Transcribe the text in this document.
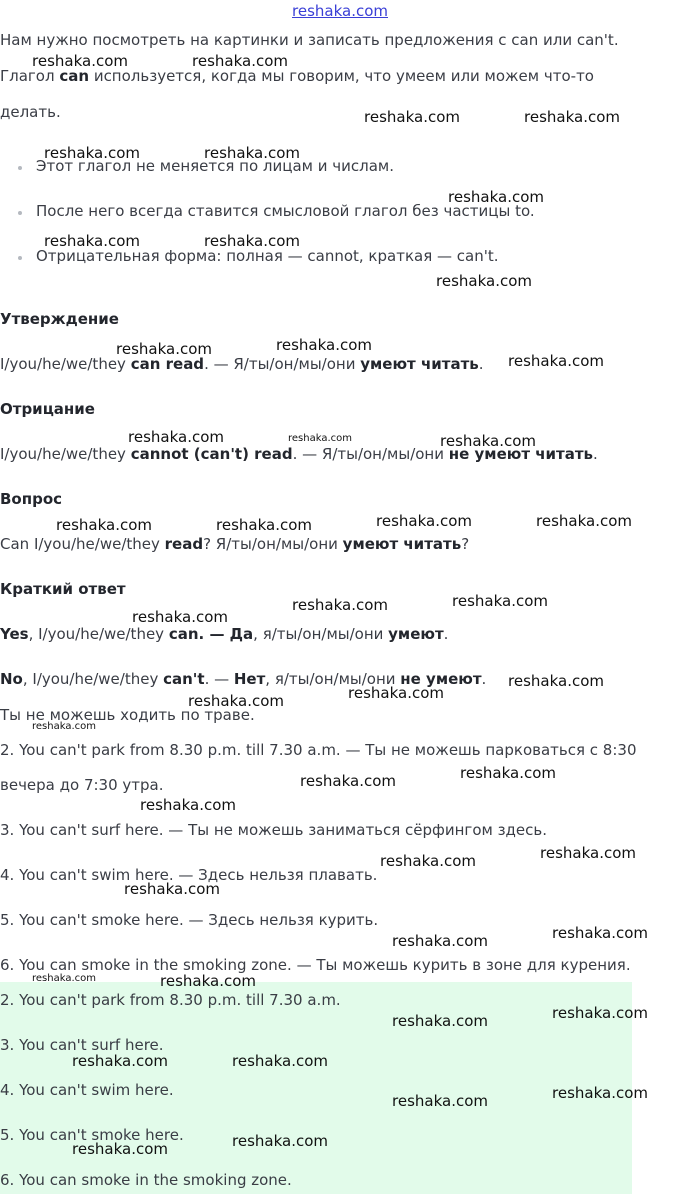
reshaka.com
Нам нужно посмотреть на картинки и записать предложения с can или can't.
Глагол can используется, когда мы говорим, что умеем или можем что-то
делать.
Этот глагол не меняется по лицам и числам.
После него всегда ставится смысловой глагол без частицы to.
Отрицательная форма: полная — cannot, краткая — can't.
Утверждение
I/you/he/we/they can read. — Я/ты/он/мы/они умеют читать.
Отрицание
I/you/he/we/they cannot (can't) read. — Я/ты/он/мы/они не умеют читать.
Вопрос
Can I/you/he/we/they read? Я/ты/он/мы/они умеют читать?
Краткий ответ
Yes, I/you/he/we/they can. — Да, я/ты/он/мы/они умеют.
No, I/you/he/we/they can't. — Нет, я/ты/он/мы/они не умеют.
Ты не можешь ходить по траве.
2. You can't park from 8.30 p.m. till 7.30 a.m. — Ты не можешь парковаться с 8:30
вечера до 7:30 утра.
3. You can't surf here. — Ты не можешь заниматься сёрфингом здесь.
4. You can't swim here. — Здесь нельзя плавать.
5. You can't smoke here. — Здесь нельзя курить.
6. You can smoke in the smoking zone. — Ты можешь курить в зоне для курения.
2. You can't park from 8.30 p.m. till 7.30 a.m.
3. You can't surf here.
4. You can't swim here.
5. You can't smoke here.
6. You can smoke in the smoking zone.
reshaka.com	reshaka.com
reshaka.com	reshaka.com
reshaka.com	reshaka.com
reshaka.com
reshaka.com	reshaka.com
reshaka.com
reshaka.com
reshaka.com
reshaka.com
reshaka.com	reshaka.com	reshaka.com
reshaka.com	reshaka.com	reshaka.com	reshaka.com
reshaka.com	reshaka.com
reshaka.com
reshaka.com
reshaka.com
reshaka.com
reshaka.com
reshaka.com
reshaka.com
reshaka.com
reshaka.com
reshaka.com
reshaka.com
reshaka.com
reshaka.com
reshaka.com	reshaka.com
reshaka.com
reshaka.com
reshaka.com	reshaka.com
reshaka.com
reshaka.com
reshaka.com
reshaka.com
